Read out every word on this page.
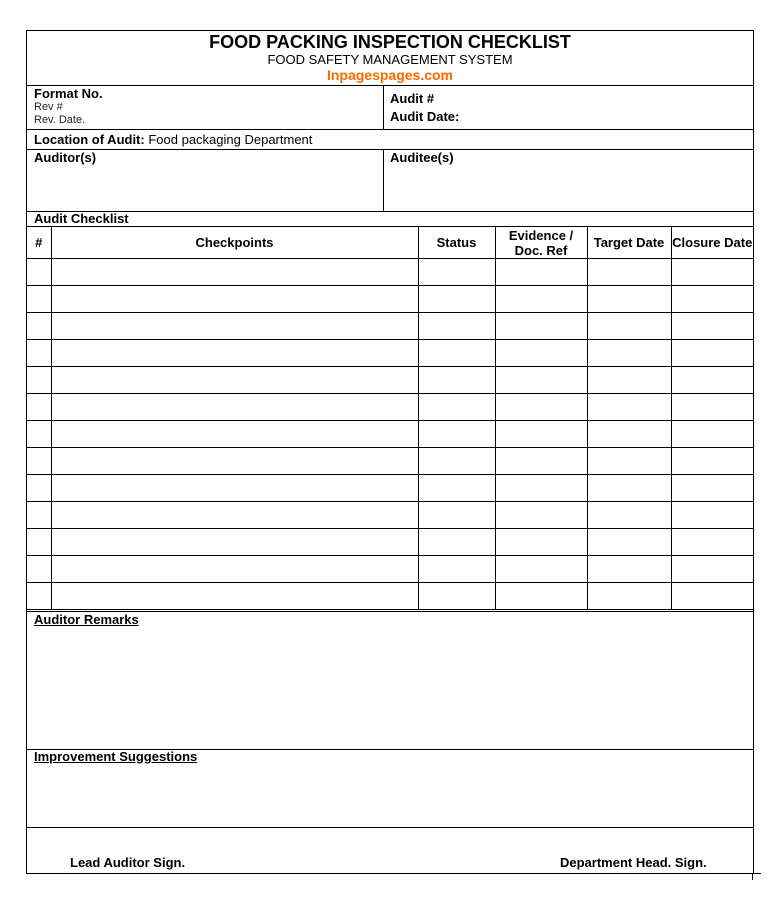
FOOD PACKING INSPECTION CHECKLIST
FOOD SAFETY MANAGEMENT SYSTEM
Inpagespages.com
Format No.
Rev #
Rev. Date.
Audit #
Audit Date:
Location of Audit: Food packaging Department
Auditor(s)	Auditee(s)
Audit Checklist
#	Checkpoints	Status	Evidence / Doc. Ref	Target Date	Closure Date

Auditor Remarks
Improvement Suggestions
Lead Auditor Sign.	Department Head. Sign.
